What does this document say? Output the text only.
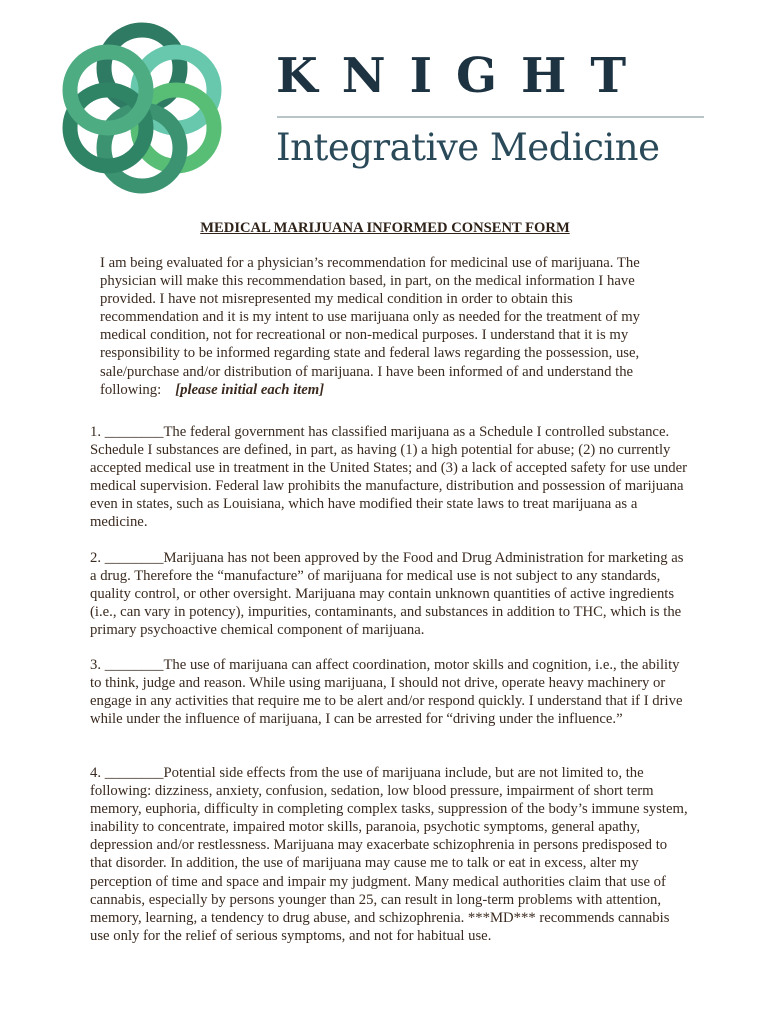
KNIGHT
Integrative Medicine
MEDICAL MARIJUANA INFORMED CONSENT FORM

I am being evaluated for a physician’s recommendation for medicinal use of marijuana. The physician will make this recommendation based, in part, on the medical information I have provided. I have not misrepresented my medical condition in order to obtain this recommendation and it is my intent to use marijuana only as needed for the treatment of my medical condition, not for recreational or non-medical purposes. I understand that it is my responsibility to be informed regarding state and federal laws regarding the possession, use, sale/purchase and/or distribution of marijuana. I have been informed of and understand the following: [please initial each item]

1. ________The federal government has classified marijuana as a Schedule I controlled substance. Schedule I substances are defined, in part, as having (1) a high potential for abuse; (2) no currently accepted medical use in treatment in the United States; and (3) a lack of accepted safety for use under medical supervision. Federal law prohibits the manufacture, distribution and possession of marijuana even in states, such as Louisiana, which have modified their state laws to treat marijuana as a medicine.

2. ________Marijuana has not been approved by the Food and Drug Administration for marketing as a drug. Therefore the “manufacture” of marijuana for medical use is not subject to any standards, quality control, or other oversight. Marijuana may contain unknown quantities of active ingredients (i.e., can vary in potency), impurities, contaminants, and substances in addition to THC, which is the primary psychoactive chemical component of marijuana.

3. ________The use of marijuana can affect coordination, motor skills and cognition, i.e., the ability to think, judge and reason. While using marijuana, I should not drive, operate heavy machinery or engage in any activities that require me to be alert and/or respond quickly. I understand that if I drive while under the influence of marijuana, I can be arrested for “driving under the influence.”

4. ________Potential side effects from the use of marijuana include, but are not limited to, the following: dizziness, anxiety, confusion, sedation, low blood pressure, impairment of short term memory, euphoria, difficulty in completing complex tasks, suppression of the body’s immune system, inability to concentrate, impaired motor skills, paranoia, psychotic symptoms, general apathy, depression and/or restlessness. Marijuana may exacerbate schizophrenia in persons predisposed to that disorder. In addition, the use of marijuana may cause me to talk or eat in excess, alter my perception of time and space and impair my judgment. Many medical authorities claim that use of cannabis, especially by persons younger than 25, can result in long-term problems with attention, memory, learning, a tendency to drug abuse, and schizophrenia. ***MD*** recommends cannabis use only for the relief of serious symptoms, and not for habitual use.
